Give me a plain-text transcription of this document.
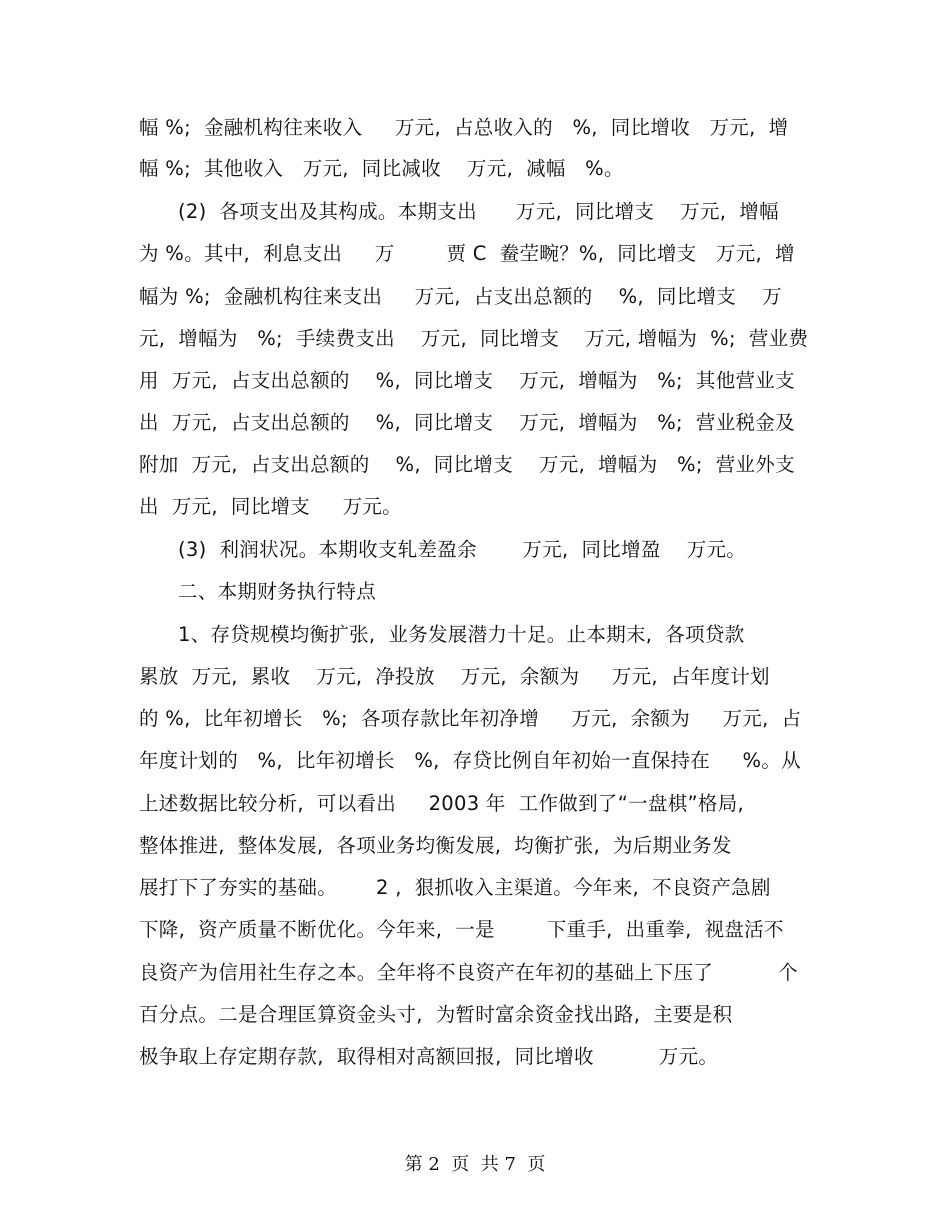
幅 %;  金融机构往来收入     万元,  占总收入的   %,  同比增收   万元,  增

幅 %;  其他收入   万元,  同比减收    万元,  减幅   %。

(2)  各项支出及其构成。本期支出      万元,  同比增支    万元,  增幅

为 %。其中,  利息支出     万        贾 C  鲞茔畹？%,  同比增支   万元,  增

幅为 %;  金融机构往来支出     万元,  占支出总额的    %,  同比增支    万

元,  增幅为   %;  手续费支出    万元,  同比增支    万元, 增幅为  %;  营业费

用  万元,  占支出总额的    %,  同比增支    万元,  增幅为   %;  其他营业支

出  万元,  占支出总额的    %,  同比增支    万元,  增幅为   %;  营业税金及

附加  万元,  占支出总额的    %,  同比增支    万元,  增幅为   %;  营业外支

出  万元,  同比增支     万元。

(3)  利润状况。本期收支轧差盈余       万元,  同比增盈    万元。

二、本期财务执行特点

1、存贷规模均衡扩张,  业务发展潜力十足。止本期末,  各项贷款

累放  万元,  累收    万元,  净投放    万元,  余额为     万元,  占年度计划

的 %,  比年初增长   %;  各项存款比年初净增     万元,  余额为     万元,  占

年度计划的   %,  比年初增长   %,  存贷比例自年初始一直保持在     %。从

上述数据比较分析,  可以看出     2003 年  工作做到了“一盘棋”格局,

整体推进,  整体发展,  各项业务均衡发展,  均衡扩张,  为后期业务发

展打下了夯实的基础。      2 ,  狠抓收入主渠道。今年来,  不良资产急剧

下降,  资产质量不断优化。今年来,  一是        下重手,  出重拳,  视盘活不

良资产为信用社生存之本。全年将不良资产在年初的基础上下压了          个

百分点。二是合理匡算资金头寸,  为暂时富余资金找出路,  主要是积

极争取上存定期存款,  取得相对高额回报,  同比增收          万元。

第 2  页  共 7  页
